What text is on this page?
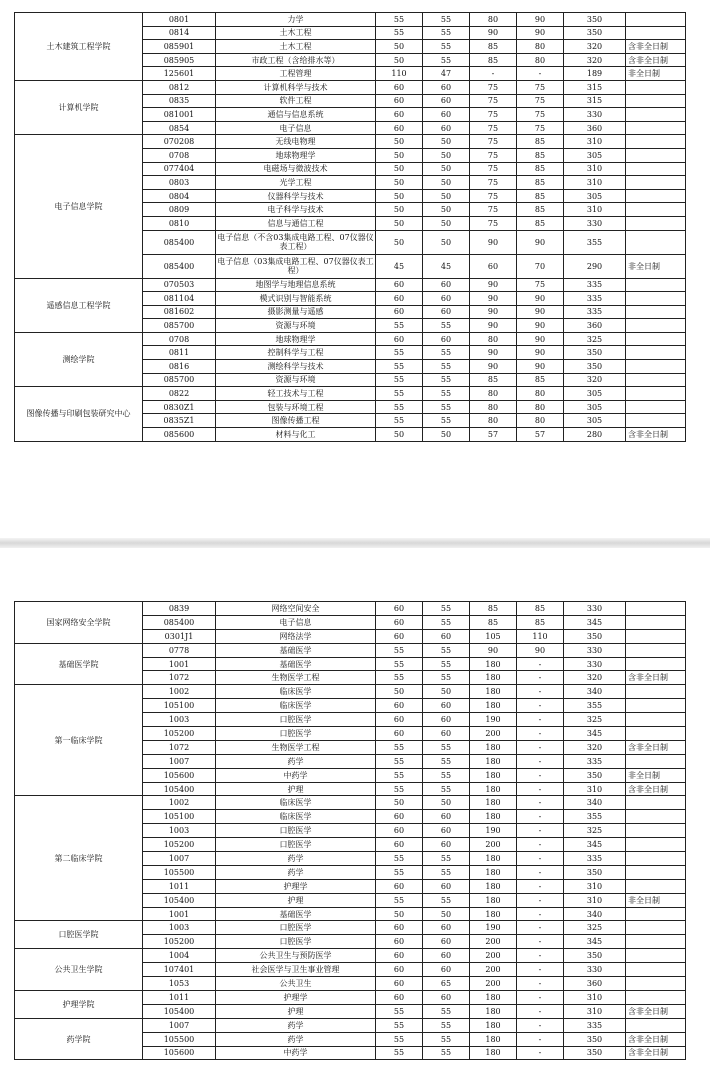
土木建筑工程学院	0801	力学	55	55	80	90	350	
	0814	土木工程	55	55	90	90	350	
	085901	土木工程	50	55	85	80	320	含非全日制
	085905	市政工程（含给排水等）	50	55	85	80	320	含非全日制
	125601	工程管理	110	47	-	-	189	非全日制
计算机学院	0812	计算机科学与技术	60	60	75	75	315	
	0835	软件工程	60	60	75	75	315	
	081001	通信与信息系统	60	60	75	75	330	
	0854	电子信息	60	60	75	75	360	
电子信息学院	070208	无线电物理	50	50	75	85	310	
	0708	地球物理学	50	50	75	85	305	
	077404	电磁场与微波技术	50	50	75	85	310	
	0803	光学工程	50	50	75	85	310	
	0804	仪器科学与技术	50	50	75	85	305	
	0809	电子科学与技术	50	50	75	85	310	
	0810	信息与通信工程	50	50	75	85	330	
	085400	电子信息（不含03集成电路工程、07仪器仪表工程）	50	50	90	90	355	
	085400	电子信息（03集成电路工程、07仪器仪表工程）	45	45	60	70	290	非全日制
遥感信息工程学院	070503	地图学与地理信息系统	60	60	90	75	335	
	081104	模式识别与智能系统	60	60	90	90	335	
	081602	摄影测量与遥感	60	60	90	90	335	
	085700	资源与环境	55	55	90	90	360	
测绘学院	0708	地球物理学	60	60	80	90	325	
	0811	控制科学与工程	55	55	90	90	350	
	0816	测绘科学与技术	55	55	90	90	350	
	085700	资源与环境	55	55	85	85	320	
图像传播与印刷包装研究中心	0822	轻工技术与工程	55	55	80	80	305	
	0830Z1	包装与环境工程	55	55	80	80	305	
	0835Z1	图像传播工程	55	55	80	80	305	
	085600	材料与化工	50	50	57	57	280	含非全日制
国家网络安全学院	0839	网络空间安全	60	55	85	85	330	
	085400	电子信息	60	55	85	85	345	
	0301J1	网络法学	60	60	105	110	350	
基础医学院	0778	基础医学	55	55	90	90	330	
	1001	基础医学	55	55	180	-	330	
	1072	生物医学工程	55	55	180	-	320	含非全日制
第一临床学院	1002	临床医学	50	50	180	-	340	
	105100	临床医学	60	60	180	-	355	
	1003	口腔医学	60	60	190	-	325	
	105200	口腔医学	60	60	200	-	345	
	1072	生物医学工程	55	55	180	-	320	含非全日制
	1007	药学	55	55	180	-	335	
	105600	中药学	55	55	180	-	350	非全日制
	105400	护理	55	55	180	-	310	含非全日制
第二临床学院	1002	临床医学	50	50	180	-	340	
	105100	临床医学	60	60	180	-	355	
	1003	口腔医学	60	60	190	-	325	
	105200	口腔医学	60	60	200	-	345	
	1007	药学	55	55	180	-	335	
	105500	药学	55	55	180	-	350	
	1011	护理学	60	60	180	-	310	
	105400	护理	55	55	180	-	310	非全日制
	1001	基础医学	50	50	180	-	340	
口腔医学院	1003	口腔医学	60	60	190	-	325	
	105200	口腔医学	60	60	200	-	345	
公共卫生学院	1004	公共卫生与预防医学	60	60	200	-	350	
	107401	社会医学与卫生事业管理	60	60	200	-	330	
	1053	公共卫生	60	65	200	-	360	
护理学院	1011	护理学	60	60	180	-	310	
	105400	护理	55	55	180	-	310	含非全日制
药学院	1007	药学	55	55	180	-	335	
	105500	药学	55	55	180	-	350	含非全日制
	105600	中药学	55	55	180	-	350	含非全日制
